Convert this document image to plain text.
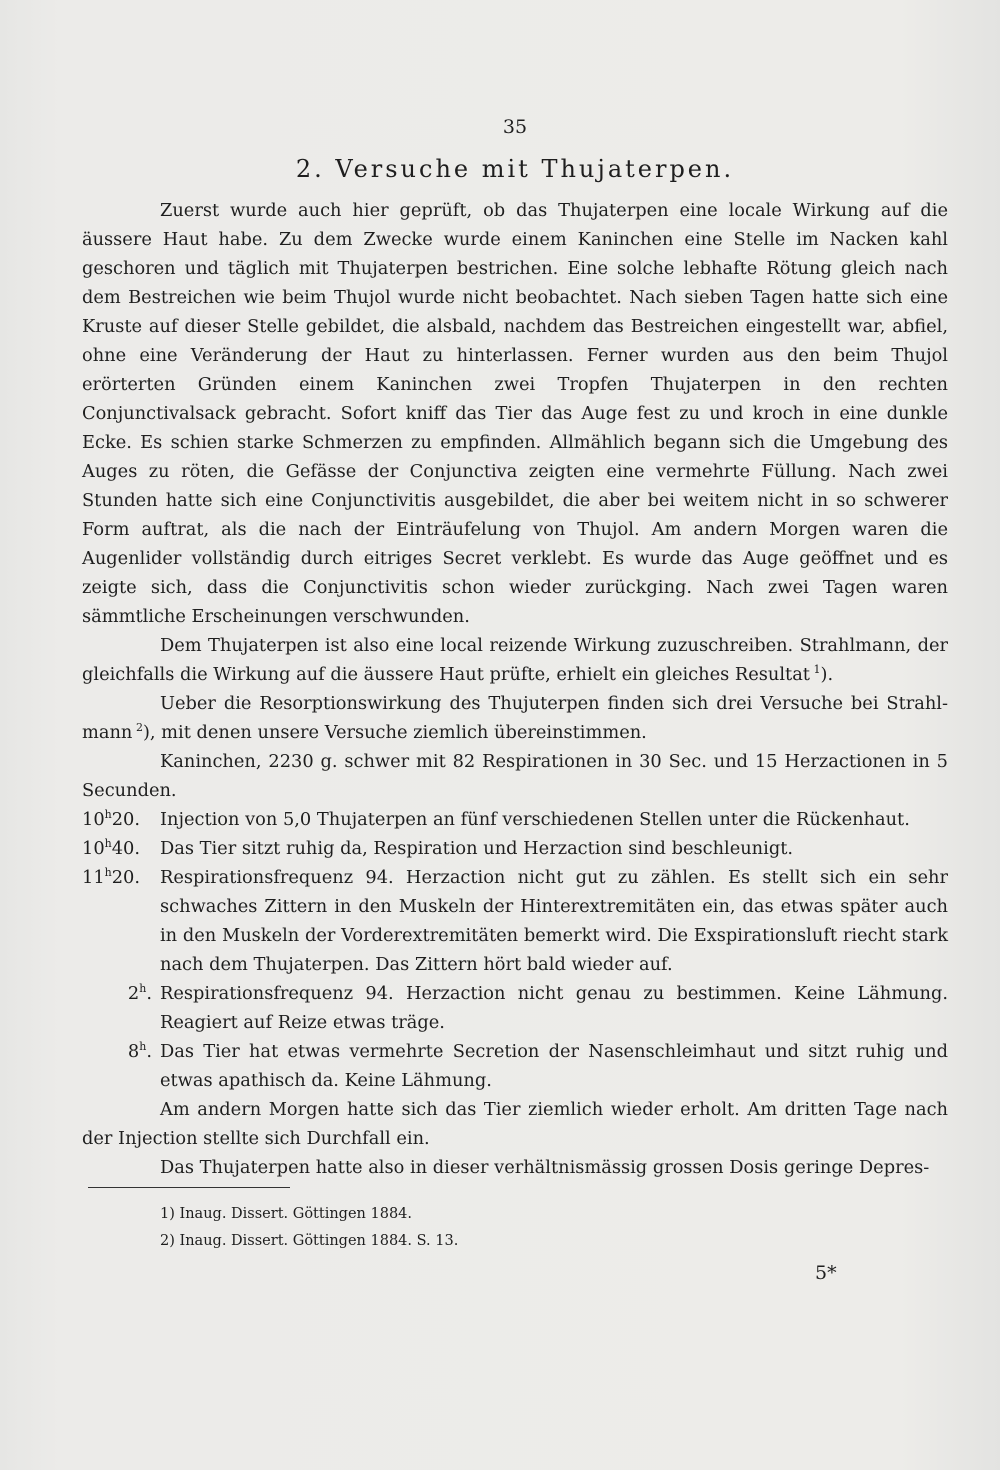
35
2. Versuche mit Thujaterpen.

Zuerst wurde auch hier geprüft, ob das Thujaterpen eine locale Wirkung auf die äussere Haut habe. Zu dem Zwecke wurde einem Kaninchen eine Stelle im Nacken kahl geschoren und täglich mit Thujaterpen bestrichen. Eine solche lebhafte Rötung gleich nach dem Bestreichen wie beim Thujol wurde nicht beobachtet. Nach sieben Tagen hatte sich eine Kruste auf dieser Stelle gebildet, die alsbald, nachdem das Bestreichen eingestellt war, abfiel, ohne eine Veränderung der Haut zu hinterlassen. Ferner wurden aus den beim Thujol erörterten Gründen einem Kaninchen zwei Tropfen Thujaterpen in den rechten Conjunctivalsack gebracht. Sofort kniff das Tier das Auge fest zu und kroch in eine dunkle Ecke. Es schien starke Schmerzen zu empfinden. Allmählich begann sich die Umgebung des Auges zu röten, die Gefässe der Conjunctiva zeigten eine vermehrte Füllung. Nach zwei Stunden hatte sich eine Conjunctivitis ausgebildet, die aber bei weitem nicht in so schwerer Form auftrat, als die nach der Einträufelung von Thujol. Am andern Morgen waren die Augenlider vollständig durch eitriges Secret verklebt. Es wurde das Auge geöffnet und es zeigte sich, dass die Conjunctivitis schon wieder zurückging. Nach zwei Tagen waren sämmtliche Erscheinungen verschwunden.

Dem Thujaterpen ist also eine local reizende Wirkung zuzuschreiben. Strahlmann, der gleichfalls die Wirkung auf die äussere Haut prüfte, erhielt ein gleiches Resultat  $^1$).

Ueber die Resorptionswirkung des Thujuterpen finden sich drei Versuche bei Strahlmann  $^2$), mit denen unsere Versuche ziemlich übereinstimmen.

Kaninchen, 2230 g. schwer mit 82 Respirationen in 30 Sec. und 15 Herzactionen in 5 Secunden.

10$^h$20.	Injection von 5,0 Thujaterpen an fünf verschiedenen Stellen unter die Rückenhaut.
10$^h$40.	Das Tier sitzt ruhig da, Respiration und Herzaction sind beschleunigt.
11$^h$20.	Respirationsfrequenz 94. Herzaction nicht gut zu zählen. Es stellt sich ein sehr schwaches Zittern in den Muskeln der Hinterextremitäten ein, das etwas später auch in den Muskeln der Vorderextremitäten bemerkt wird. Die Exspirationsluft riecht stark nach dem Thujaterpen. Das Zittern hört bald wieder auf.
2$^h$. Respirationsfrequenz 94. Herzaction nicht genau zu bestimmen. Keine Lähmung. Reagiert auf Reize etwas träge.
8$^h$. Das Tier hat etwas vermehrte Secretion der Nasenschleimhaut und sitzt ruhig und etwas apathisch da. Keine Lähmung.

Am andern Morgen hatte sich das Tier ziemlich wieder erholt. Am dritten Tage nach der Injection stellte sich Durchfall ein.

Das Thujaterpen hatte also in dieser verhältnismässig grossen Dosis geringe Depres-

1) Inaug. Dissert. Göttingen 1884.
2) Inaug. Dissert. Göttingen 1884. S. 13.
5*
